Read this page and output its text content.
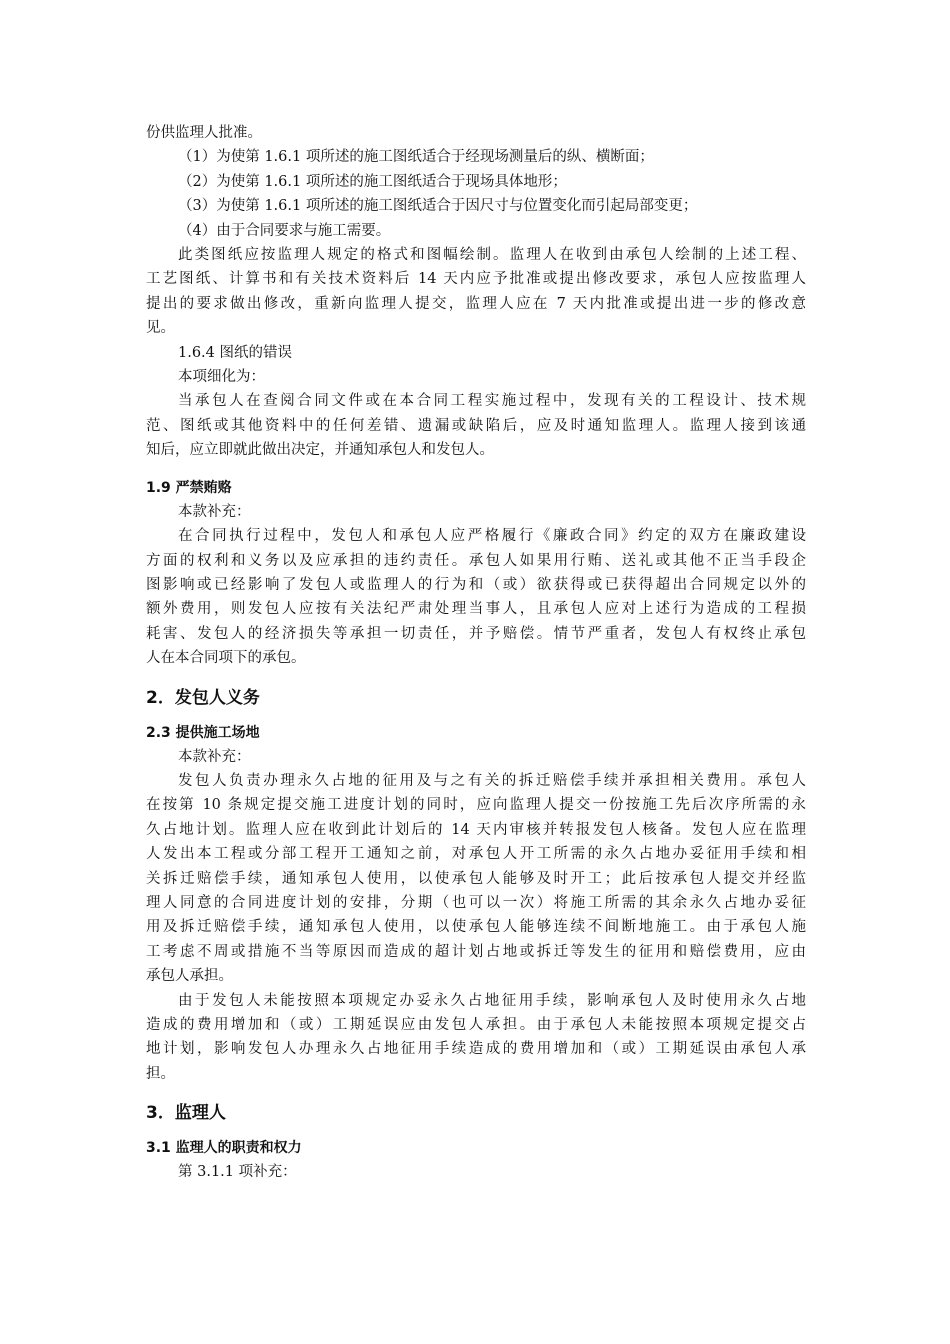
份供监理人批准。
（1）为使第 1.6.1 项所述的施工图纸适合于经现场测量后的纵、横断面；
（2）为使第 1.6.1 项所述的施工图纸适合于现场具体地形；
（3）为使第 1.6.1 项所述的施工图纸适合于因尺寸与位置变化而引起局部变更；
（4）由于合同要求与施工需要。
此类图纸应按监理人规定的格式和图幅绘制。监理人在收到由承包人绘制的上述工程、
工艺图纸、计算书和有关技术资料后 14 天内应予批准或提出修改要求，承包人应按监理人
提出的要求做出修改，重新向监理人提交，监理人应在 7 天内批准或提出进一步的修改意
见。
1.6.4 图纸的错误
本项细化为：
当承包人在查阅合同文件或在本合同工程实施过程中，发现有关的工程设计、技术规
范、图纸或其他资料中的任何差错、遗漏或缺陷后，应及时通知监理人。监理人接到该通
知后，应立即就此做出决定，并通知承包人和发包人。
1.9 严禁贿赂
本款补充：
在合同执行过程中，发包人和承包人应严格履行《廉政合同》约定的双方在廉政建设
方面的权利和义务以及应承担的违约责任。承包人如果用行贿、送礼或其他不正当手段企
图影响或已经影响了发包人或监理人的行为和（或）欲获得或已获得超出合同规定以外的
额外费用，则发包人应按有关法纪严肃处理当事人，且承包人应对上述行为造成的工程损
耗害、发包人的经济损失等承担一切责任，并予赔偿。情节严重者，发包人有权终止承包
人在本合同项下的承包。
2．发包人义务
2.3 提供施工场地
本款补充：
发包人负责办理永久占地的征用及与之有关的拆迁赔偿手续并承担相关费用。承包人
在按第 10 条规定提交施工进度计划的同时，应向监理人提交一份按施工先后次序所需的永
久占地计划。监理人应在收到此计划后的 14 天内审核并转报发包人核备。发包人应在监理
人发出本工程或分部工程开工通知之前，对承包人开工所需的永久占地办妥征用手续和相
关拆迁赔偿手续，通知承包人使用，以使承包人能够及时开工；此后按承包人提交并经监
理人同意的合同进度计划的安排，分期（也可以一次）将施工所需的其余永久占地办妥征
用及拆迁赔偿手续，通知承包人使用，以使承包人能够连续不间断地施工。由于承包人施
工考虑不周或措施不当等原因而造成的超计划占地或拆迁等发生的征用和赔偿费用，应由
承包人承担。
由于发包人未能按照本项规定办妥永久占地征用手续，影响承包人及时使用永久占地
造成的费用增加和（或）工期延误应由发包人承担。由于承包人未能按照本项规定提交占
地计划，影响发包人办理永久占地征用手续造成的费用增加和（或）工期延误由承包人承
担。
3．监理人
3.1 监理人的职责和权力
第 3.1.1 项补充：
